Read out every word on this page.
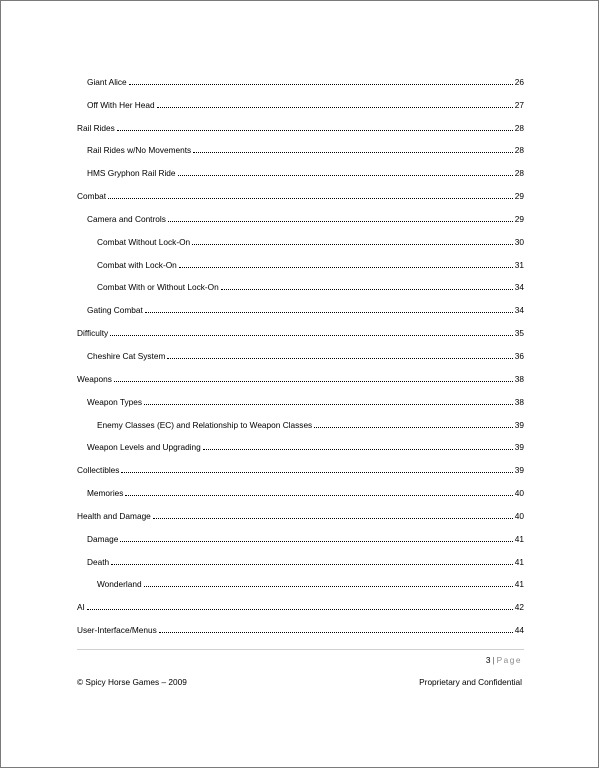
Giant Alice	26
Off With Her Head	27
Rail Rides	28
Rail Rides w/No Movements	28
HMS Gryphon Rail Ride	28
Combat	29
Camera and Controls	29
Combat Without Lock-On	30
Combat with Lock-On	31
Combat With or Without Lock-On	34
Gating Combat	34
Difficulty	35
Cheshire Cat System	36
Weapons	38
Weapon Types	38
Enemy Classes (EC) and Relationship to Weapon Classes	39
Weapon Levels and Upgrading	39
Collectibles	39
Memories	40
Health and Damage	40
Damage	41
Death	41
Wonderland	41
AI	42
User-Interface/Menus	44
3 | Page
© Spicy Horse Games – 2009	Proprietary and Confidential
